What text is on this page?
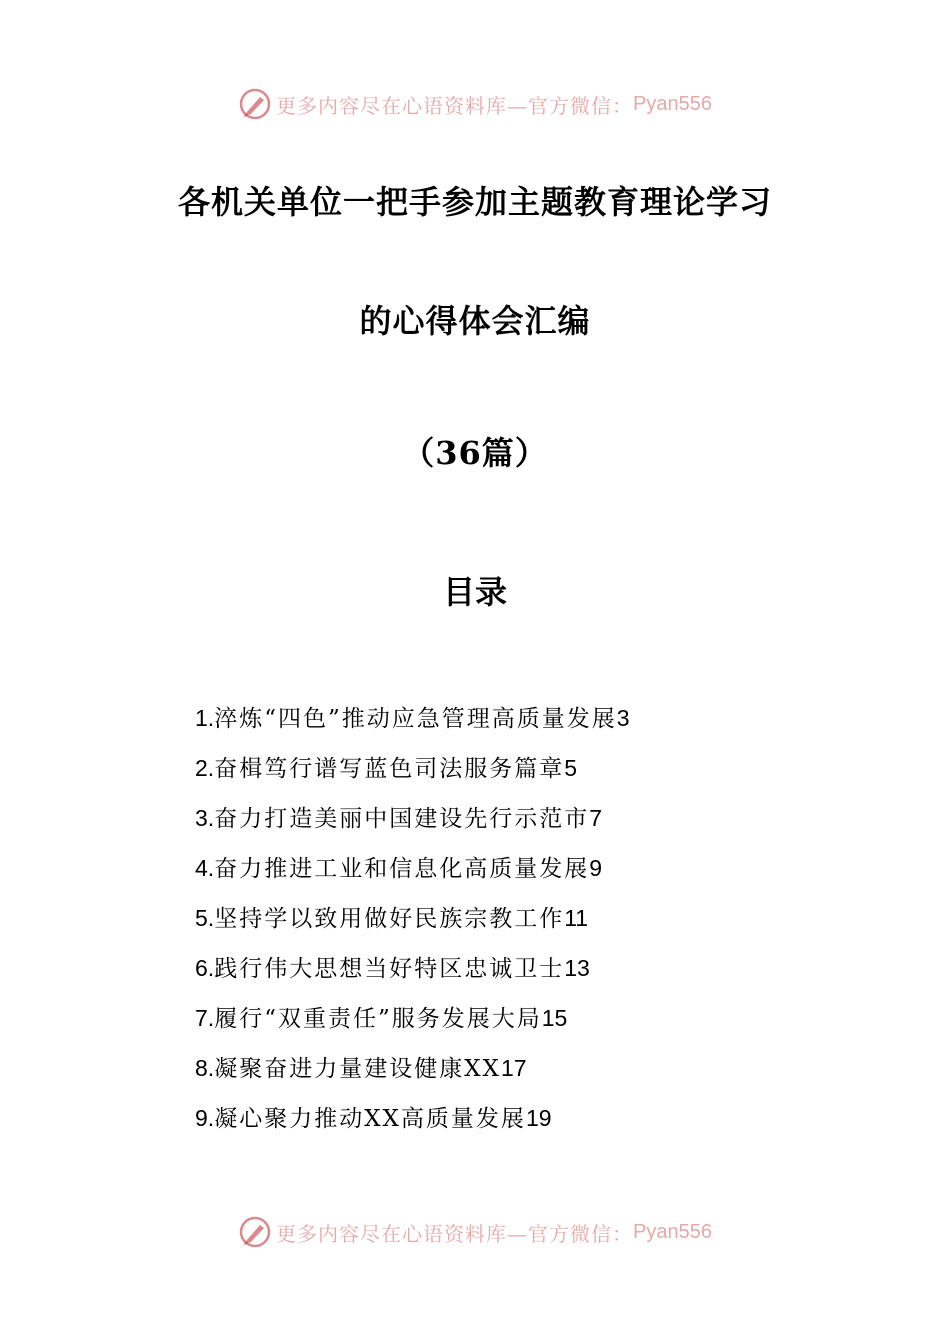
更多内容尽在心语资料库—官方微信： Pyan556
各机关单位一把手参加主题教育理论学习
的心得体会汇编
（36篇）
目录
1.淬炼“四色”推动应急管理高质量发展3
2.奋楫笃行谱写蓝色司法服务篇章5
3.奋力打造美丽中国建设先行示范市7
4.奋力推进工业和信息化高质量发展9
5.坚持学以致用做好民族宗教工作11
6.践行伟大思想当好特区忠诚卫士13
7.履行“双重责任”服务发展大局15
8.凝聚奋进力量建设健康XX17
9.凝心聚力推动XX高质量发展19
更多内容尽在心语资料库—官方微信： Pyan556
